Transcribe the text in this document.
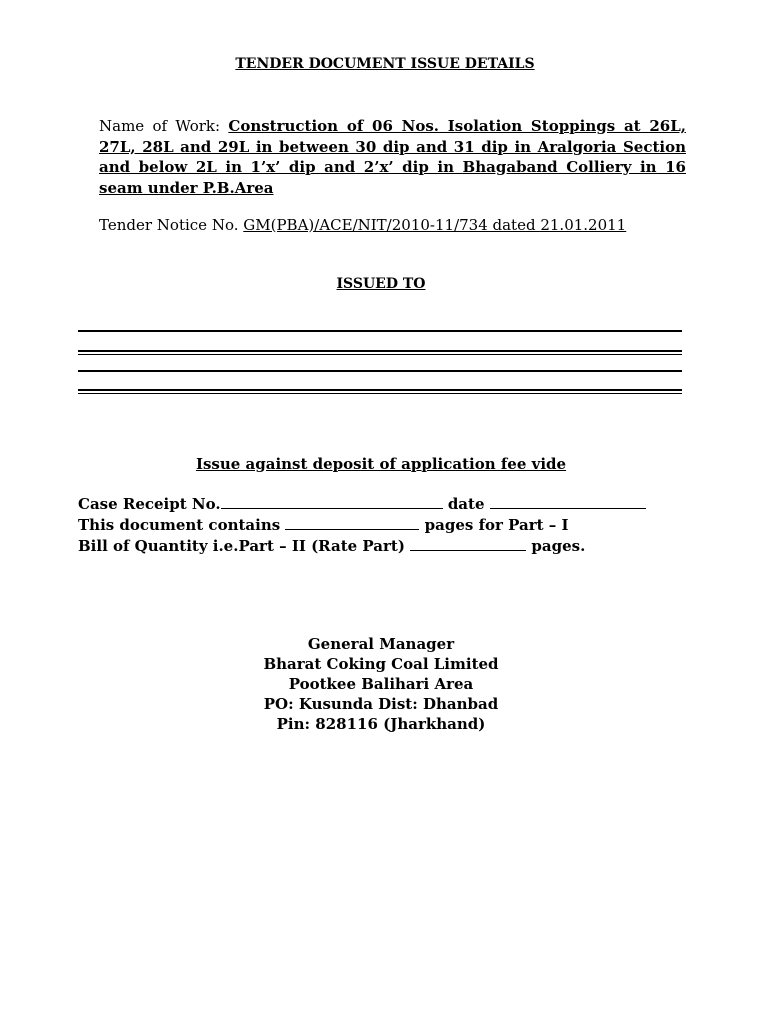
TENDER DOCUMENT ISSUE DETAILS
Name of Work: Construction of 06 Nos. Isolation Stoppings at 26L, 27L, 28L and 29L in between 30 dip and 31 dip in Aralgoria Section and below 2L in 1’x’ dip and 2’x’ dip in Bhagaband Colliery in 16 seam under P.B.Area
Tender Notice No. GM(PBA)/ACE/NIT/2010-11/734 dated 21.01.2011
ISSUED TO
Issue against deposit of application fee vide
Case Receipt No.	date
This document contains	pages for Part – I
Bill of Quantity i.e.Part – II (Rate Part)	pages.
General Manager
Bharat Coking Coal Limited
Pootkee Balihari Area
PO: Kusunda Dist: Dhanbad
Pin: 828116 (Jharkhand)
